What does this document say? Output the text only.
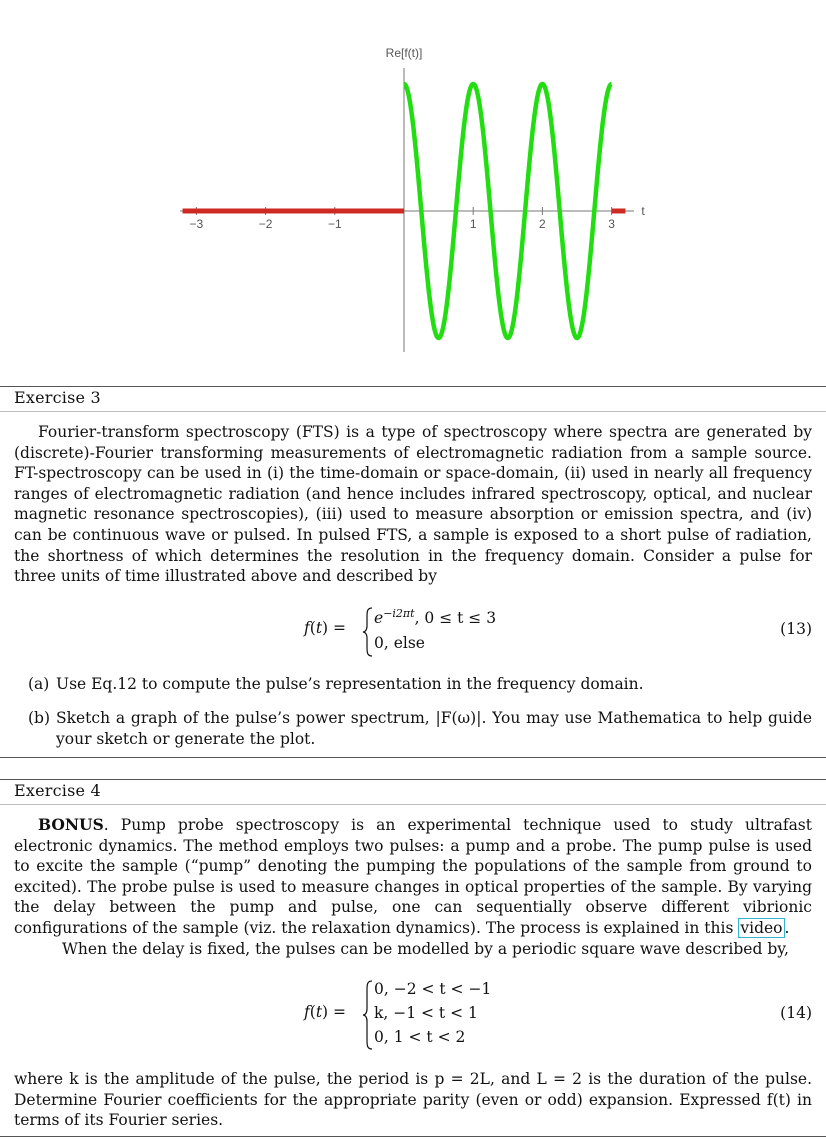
Re[f(t)]
t
−3	−2	−1	1	2	3
Exercise 3

Fourier-transform spectroscopy (FTS) is a type of spectroscopy where spectra are generated by (discrete)-Fourier transforming measurements of electromagnetic radiation from a sample source. FT-spectroscopy can be used in (i) the time-domain or space-domain, (ii) used in nearly all frequency ranges of electromagnetic radiation (and hence includes infrared spectroscopy, optical, and nuclear magnetic resonance spectroscopies), (iii) used to measure absorption or emission spectra, and (iv) can be continuous wave or pulsed. In pulsed FTS, a sample is exposed to a short pulse of radiation, the shortness of which determines the resolution in the frequency domain. Consider a pulse for three units of time illustrated above and described by

f(t) =
$e^{-i2\pi t}$, 0 ≤ t ≤ 3
0, else
(13)
(a) Use Eq.12 to compute the pulse’s representation in the frequency domain.
(b) Sketch a graph of the pulse’s power spectrum, |F(ω)|. You may use Mathematica to help guide your sketch or generate the plot.
Exercise 4

BONUS. Pump probe spectroscopy is an experimental technique used to study ultrafast electronic dynamics. The method employs two pulses: a pump and a probe. The pump pulse is used to excite the sample (“pump” denoting the pumping the populations of the sample from ground to excited). The probe pulse is used to measure changes in optical properties of the sample. By varying the delay between the pump and pulse, one can sequentially observe different vibrionic configurations of the sample (viz. the relaxation dynamics). The process is explained in this video .
When the delay is fixed, the pulses can be modelled by a periodic square wave described by,

f(t) =
0, −2 < t < −1
k, −1 < t < 1
0, 1 < t < 2
(14)

where k is the amplitude of the pulse, the period is p = 2L, and L = 2 is the duration of the pulse. Determine Fourier coefficients for the appropriate parity (even or odd) expansion. Expressed f(t) in terms of its Fourier series.
